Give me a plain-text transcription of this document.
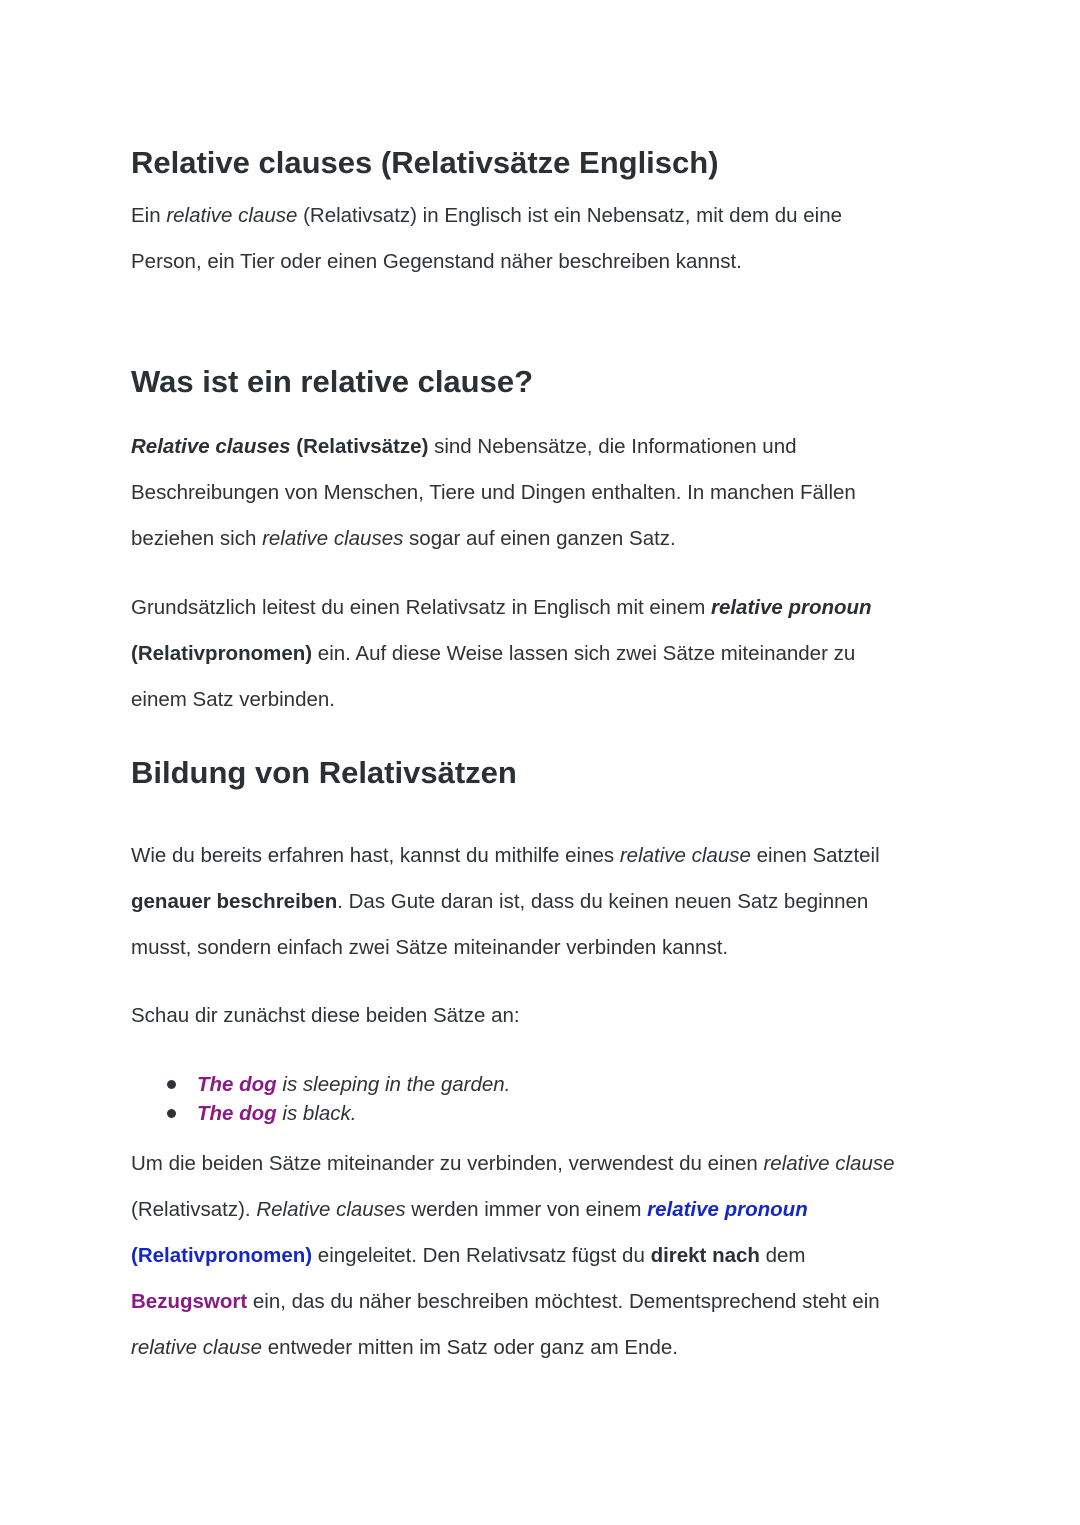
Relative clauses (Relativsätze Englisch)
Ein relative clause (Relativsatz) in Englisch ist ein Nebensatz, mit dem du eine
Person, ein Tier oder einen Gegenstand näher beschreiben kannst.
Was ist ein relative clause?
Relative clauses (Relativsätze) sind Nebensätze, die Informationen und
Beschreibungen von Menschen, Tiere und Dingen enthalten. In manchen Fällen
beziehen sich relative clauses sogar auf einen ganzen Satz.
Grundsätzlich leitest du einen Relativsatz in Englisch mit einem relative pronoun
(Relativpronomen) ein. Auf diese Weise lassen sich zwei Sätze miteinander zu
einem Satz verbinden.
Bildung von Relativsätzen
Wie du bereits erfahren hast, kannst du mithilfe eines relative clause einen Satzteil
genauer beschreiben. Das Gute daran ist, dass du keinen neuen Satz beginnen
musst, sondern einfach zwei Sätze miteinander verbinden kannst.
Schau dir zunächst diese beiden Sätze an:
The dog is sleeping in the garden.
The dog is black.
Um die beiden Sätze miteinander zu verbinden, verwendest du einen relative clause
(Relativsatz). Relative clauses werden immer von einem relative pronoun
(Relativpronomen) eingeleitet. Den Relativsatz fügst du direkt nach dem
Bezugswort ein, das du näher beschreiben möchtest. Dementsprechend steht ein
relative clause entweder mitten im Satz oder ganz am Ende.
